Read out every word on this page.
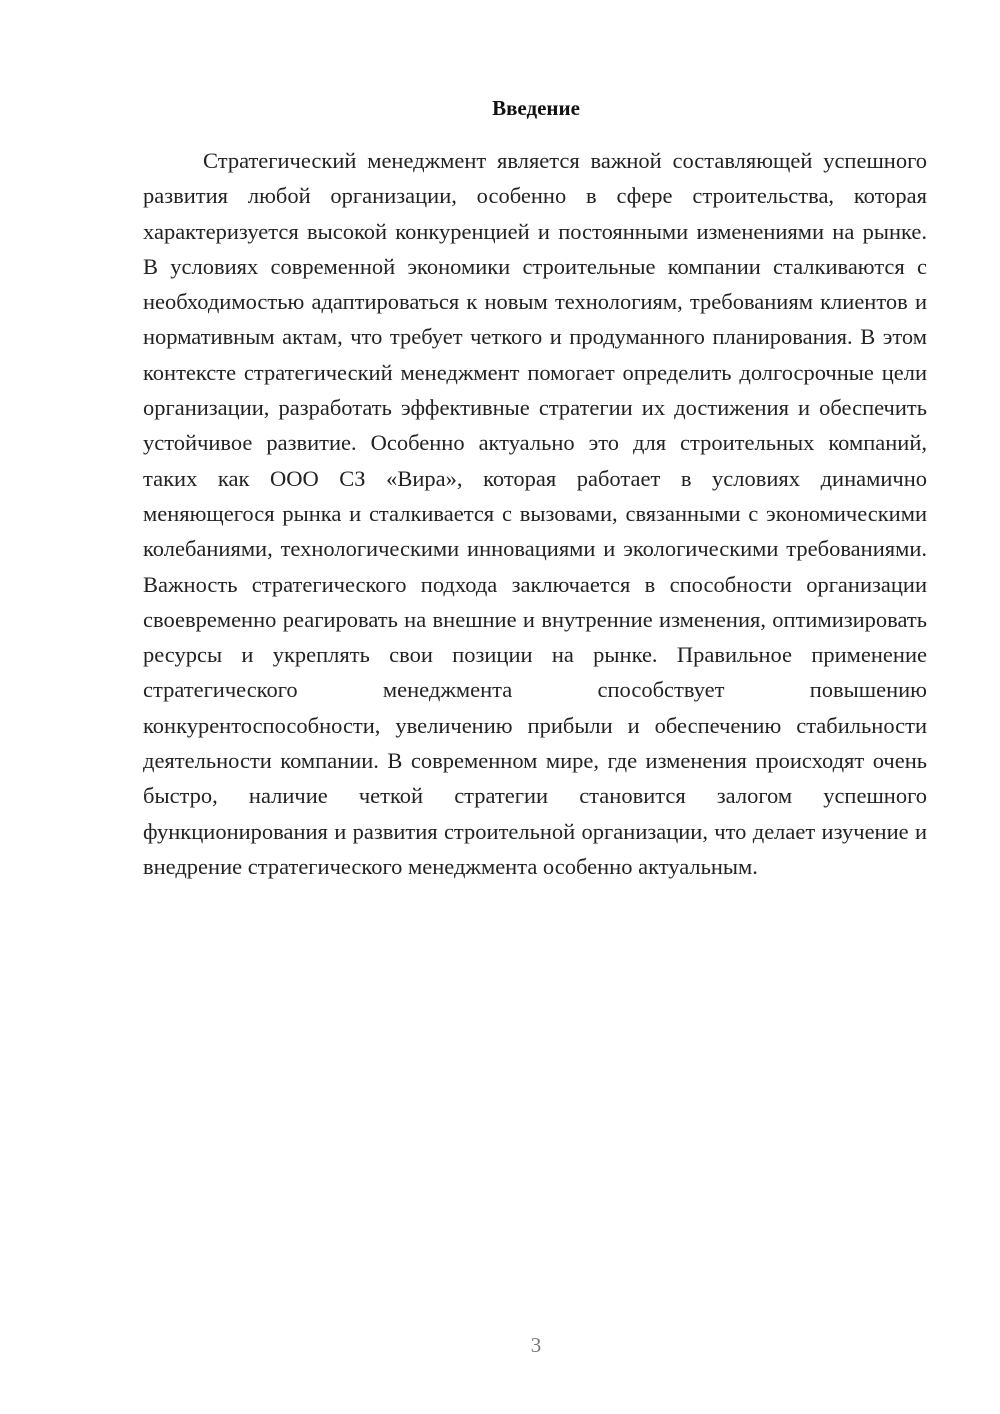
Введение

Стратегический менеджмент является важной составляющей успешного развития любой организации, особенно в сфере строительства, которая характеризуется высокой конкуренцией и постоянными изменениями на рынке. В условиях современной экономики строительные компании сталкиваются с необходимостью адаптироваться к новым технологиям, требованиям клиентов и нормативным актам, что требует четкого и продуманного планирования. В этом контексте стратегический менеджмент помогает определить долгосрочные цели организации, разработать эффективные стратегии их достижения и обеспечить устойчивое развитие. Особенно актуально это для строительных компаний, таких как ООО СЗ «Вира», которая работает в условиях динамично меняющегося рынка и сталкивается с вызовами, связанными с экономическими колебаниями, технологическими инновациями и экологическими требованиями. Важность стратегического подхода заключается в способности организации своевременно реагировать на внешние и внутренние изменения, оптимизировать ресурсы и укреплять свои позиции на рынке. Правильное применение стратегического менеджмента способствует повышению конкурентоспособности, увеличению прибыли и обеспечению стабильности деятельности компании. В современном мире, где изменения происходят очень быстро, наличие четкой стратегии становится залогом успешного функционирования и развития строительной организации, что делает изучение и внедрение стратегического менеджмента особенно актуальным.

3
